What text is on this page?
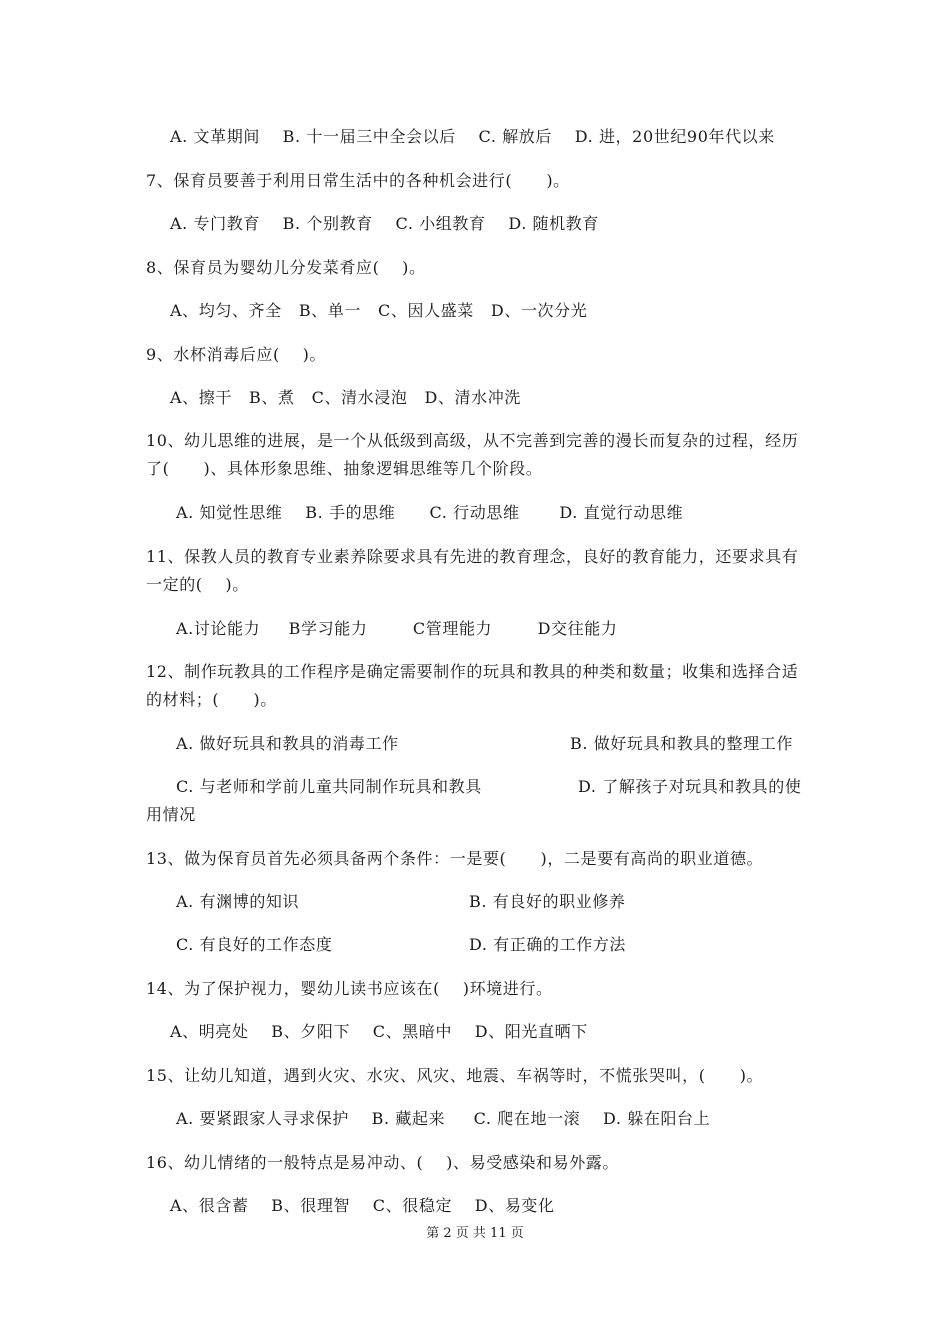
A. 文革期间    B. 十一届三中全会以后    C. 解放后    D. 进，20世纪90年代以来
7、保育员要善于利用日常生活中的各种机会进行(      )。
A. 专门教育    B. 个别教育    C. 小组教育    D. 随机教育
8、保育员为婴幼儿分发菜肴应(    )。
A、均匀、齐全   B、单一   C、因人盛菜   D、一次分光
9、水杯消毒后应(    )。
A、擦干   B、煮   C、清水浸泡   D、清水冲洗
10、幼儿思维的进展，是一个从低级到高级，从不完善到完善的漫长而复杂的过程，经历
了(      )、具体形象思维、抽象逻辑思维等几个阶段。
A. 知觉性思维    B. 手的思维      C. 行动思维       D. 直觉行动思维
11、保教人员的教育专业素养除要求具有先进的教育理念，良好的教育能力，还要求具有
一定的(    )。
A.讨论能力     B学习能力        C管理能力        D交往能力
12、制作玩教具的工作程序是确定需要制作的玩具和教具的种类和数量；收集和选择合适
的材料；(      )。
A. 做好玩具和教具的消毒工作	B. 做好玩具和教具的整理工作
C. 与老师和学前儿童共同制作玩具和教具	D. 了解孩子对玩具和教具的使
用情况
13、做为保育员首先必须具备两个条件：一是要(      )，二是要有高尚的职业道德。
A. 有渊博的知识	B. 有良好的职业修养
C. 有良好的工作态度	D. 有正确的工作方法
14、为了保护视力，婴幼儿读书应该在(    )环境进行。
A、明亮处    B、夕阳下    C、黑暗中    D、阳光直晒下
15、让幼儿知道，遇到火灾、水灾、风灾、地震、车祸等时，不慌张哭叫，(      )。
A. 要紧跟家人寻求保护    B. 藏起来     C. 爬在地一滚    D. 躲在阳台上
16、幼儿情绪的一般特点是易冲动、(    )、易受感染和易外露。
A、很含蓄    B、很理智    C、很稳定    D、易变化
第 2 页 共 11 页
